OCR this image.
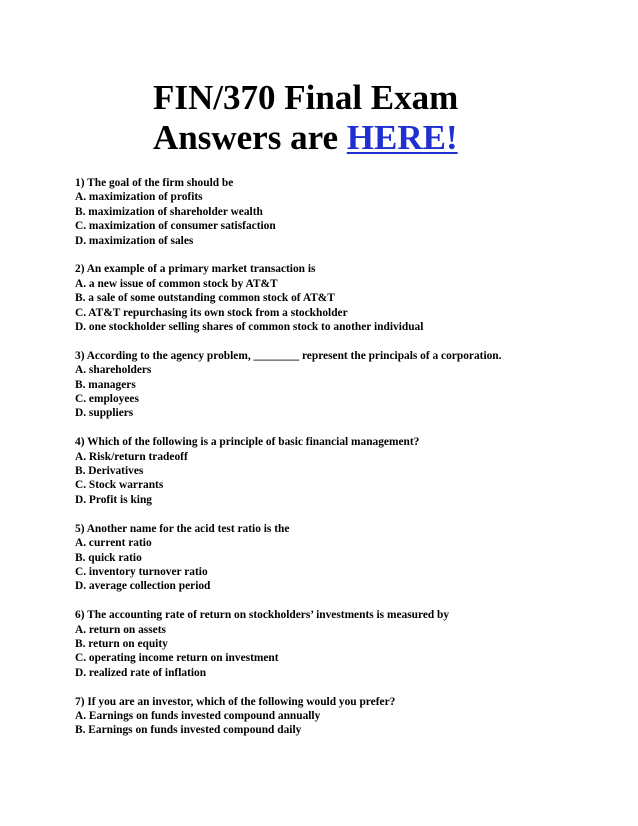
FIN/370 Final Exam
Answers are HERE!
1) The goal of the firm should be
A. maximization of profits
B. maximization of shareholder wealth
C. maximization of consumer satisfaction
D. maximization of sales
2) An example of a primary market transaction is
A. a new issue of common stock by AT&T
B. a sale of some outstanding common stock of AT&T
C. AT&T repurchasing its own stock from a stockholder
D. one stockholder selling shares of common stock to another individual
3) According to the agency problem, ________ represent the principals of a corporation.
A. shareholders
B. managers
C. employees
D. suppliers
4) Which of the following is a principle of basic financial management?
A. Risk/return tradeoff
B. Derivatives
C. Stock warrants
D. Profit is king
5) Another name for the acid test ratio is the
A. current ratio
B. quick ratio
C. inventory turnover ratio
D. average collection period
6) The accounting rate of return on stockholders’ investments is measured by
A. return on assets
B. return on equity
C. operating income return on investment
D. realized rate of inflation
7) If you are an investor, which of the following would you prefer?
A. Earnings on funds invested compound annually
B. Earnings on funds invested compound daily
